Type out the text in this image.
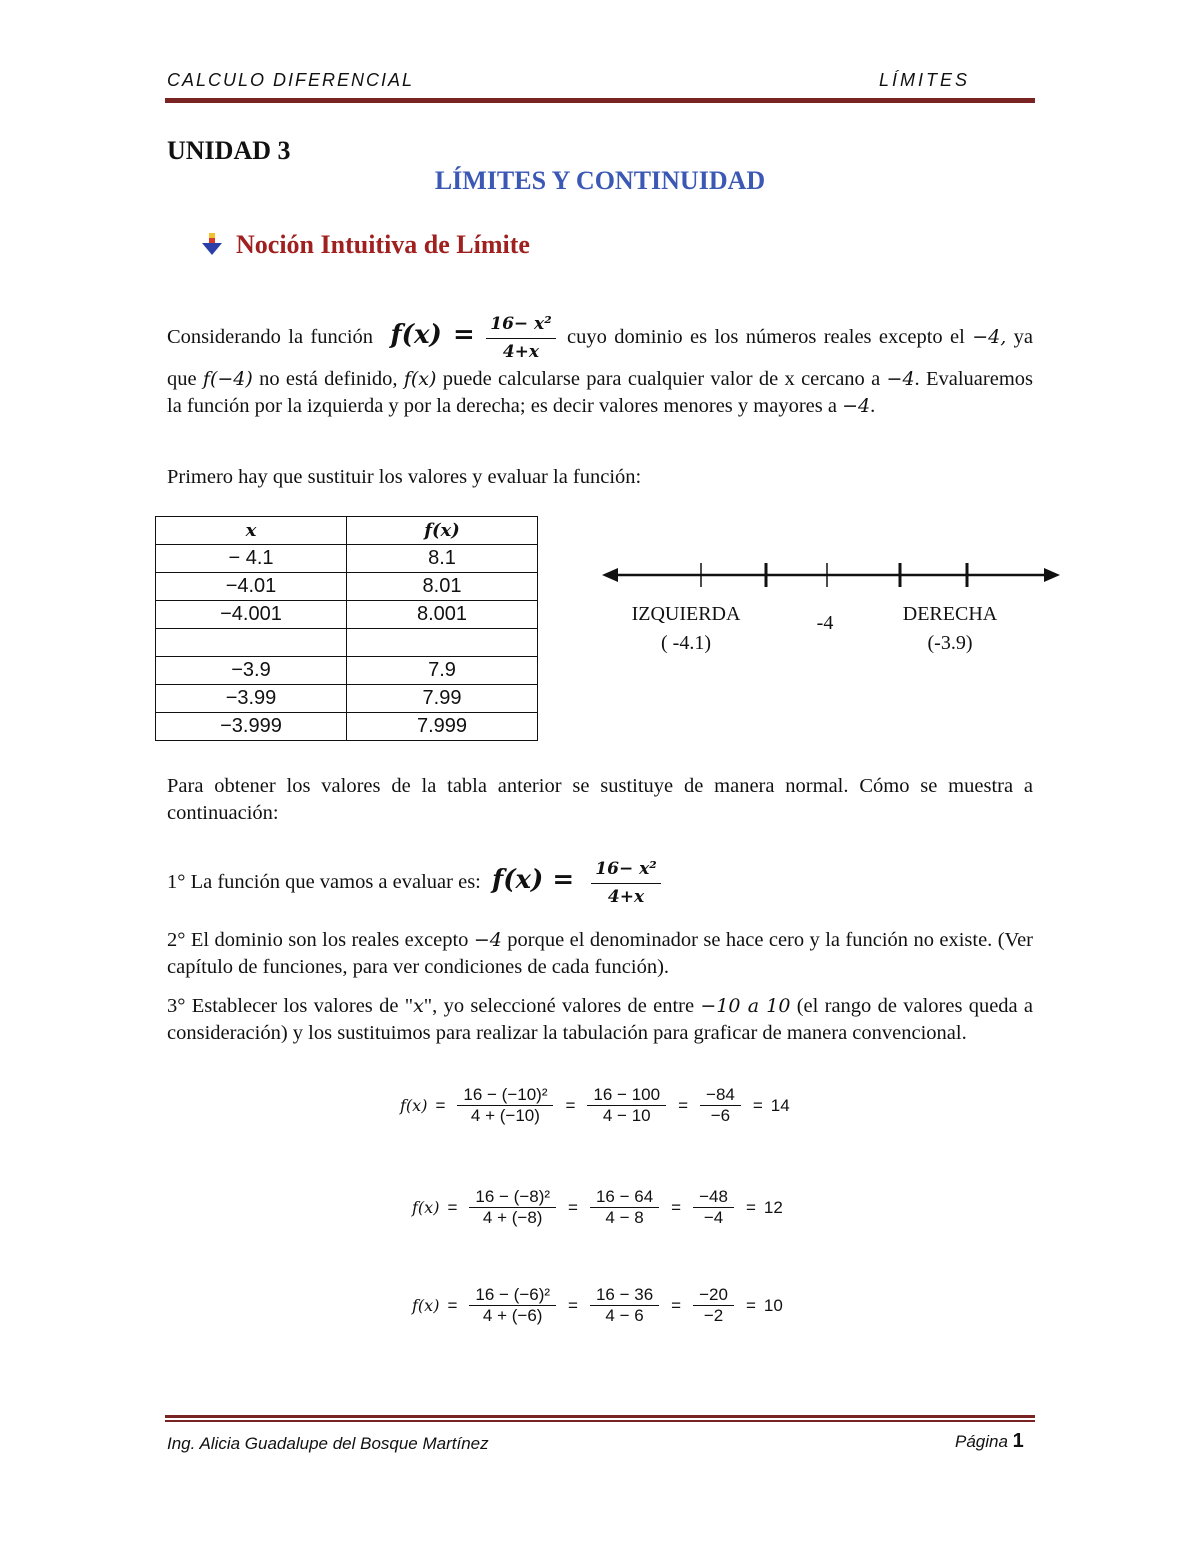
CALCULO DIFERENCIAL	LÍMITES
UNIDAD 3
LÍMITES Y CONTINUIDAD
Noción Intuitiva de Límite
Considerando la función $f(x) = \frac{\text{16− x²}}{4+x}$ cuyo dominio es los números reales excepto el −4, ya que f(−4) no está definido, f(x) puede calcularse para cualquier valor de x cercano a −4. Evaluaremos la función por la izquierda y por la derecha; es decir valores menores y mayores a −4.
Primero hay que sustituir los valores y evaluar la función:
x	f(x)
− 4.1	8.1
−4.01	8.01
−4.001	8.001

−3.9	7.9
−3.99	7.99
−3.999	7.999
IZQUIERDA
( -4.1)
-4	DERECHA
(-3.9)
Para obtener los valores de la tabla anterior se sustituye de manera normal. Cómo se muestra a continuación:
1° La función que vamos a evaluar es: $f(x) = \frac{\text{16− x²}}{4+x}$
2° El dominio son los reales excepto −4 porque el denominador se hace cero y la función no existe. (Ver capítulo de funciones, para ver condiciones de cada función).
3° Establecer los valores de "x", yo seleccioné valores de entre −10 a 10 (el rango de valores queda a consideración) y los sustituimos para realizar la tabulación para graficar de manera convencional.
$f(x) = \frac{\text{16 − (−10)²}}{4 + (-10)} = \frac{16 - 100}{4 - 10} = \frac{-84}{-6} = 14$
$f(x) = \frac{\text{16 − (−8)²}}{4 + (-8)} = \frac{16 - 64}{4 - 8} = \frac{-48}{-4} = 12$
$f(x) = \frac{\text{16 − (−6)²}}{4 + (-6)} = \frac{16 - 36}{4 - 6} = \frac{-20}{-2} = 10$
Ing. Alicia Guadalupe del Bosque Martínez	Página 1
